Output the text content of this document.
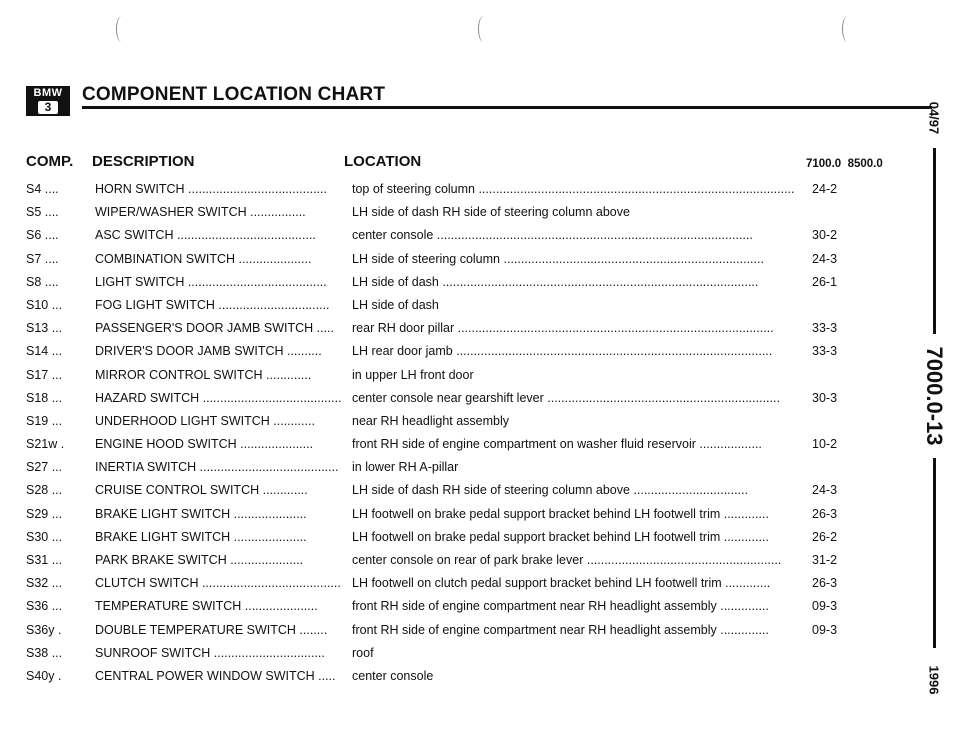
BMW
3
COMPONENT LOCATION CHART
COMP. DESCRIPTION	LOCATION	7100.0 8500.0
S4 ....	HORN SWITCH ........................................	top of steering column ........................................................................................... 24-2
S5 ....	WIPER/WASHER SWITCH ................	LH side of dash RH side of steering column above
S6 ....	ASC SWITCH ........................................	center console ...........................................................................................	30-2
S7 ....	COMBINATION SWITCH .....................	LH side of steering column ...........................................................................	24-3
S8 ....	LIGHT SWITCH ........................................	LH side of dash ...........................................................................................	26-1
S10 ...	FOG LIGHT SWITCH ................................	LH side of dash
S13 ...	PASSENGER'S DOOR JAMB SWITCH .....	rear RH door pillar ...........................................................................................	33-3
S14 ...	DRIVER'S DOOR JAMB SWITCH ..........	LH rear door jamb ...........................................................................................	33-3
S17 ...	MIRROR CONTROL SWITCH .............	in upper LH front door
S18 ...	HAZARD SWITCH ........................................ center console near gearshift lever ...................................................................	30-3
S19 ...	UNDERHOOD LIGHT SWITCH ............	near RH headlight assembly
S21w .	ENGINE HOOD SWITCH .....................	front RH side of engine compartment on washer fluid reservoir ..................	10-2
S27 ...	INERTIA SWITCH ........................................	in lower RH A-pillar
S28 ...	CRUISE CONTROL SWITCH .............	LH side of dash RH side of steering column above .................................	24-3
S29 ...	BRAKE LIGHT SWITCH .....................	LH footwell on brake pedal support bracket behind LH footwell trim .............	26-3
S30 ...	BRAKE LIGHT SWITCH .....................	LH footwell on brake pedal support bracket behind LH footwell trim .............	26-2
S31 ...	PARK BRAKE SWITCH .....................	center console on rear of park brake lever ........................................................	31-2
S32 ...	CLUTCH SWITCH ........................................ LH footwell on clutch pedal support bracket behind LH footwell trim .............	26-3
S36 ...	TEMPERATURE SWITCH .....................	front RH side of engine compartment near RH headlight assembly ..............	09-3
S36y .	DOUBLE TEMPERATURE SWITCH ........	front RH side of engine compartment near RH headlight assembly ..............	09-3
S38 ...	SUNROOF SWITCH ................................	roof
S40y .	CENTRAL POWER WINDOW SWITCH .....	center console
04/97
7000.0-13
1996
